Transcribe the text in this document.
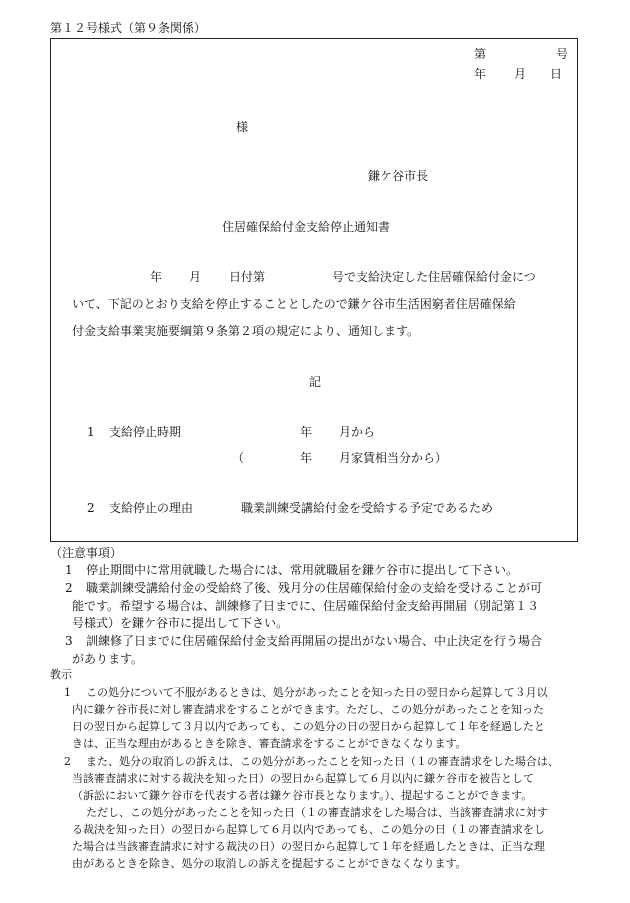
第１２号様式（第９条関係）
第	号
年 月 日
様
鎌ケ谷市長
住居確保給付金支給停止通知書
年 月 日付第	号で支給決定した住居確保給付金につ
いて、下記のとおり支給を停止することとしたので鎌ケ谷市生活困窮者住居確保給
付金支給事業実施要綱第９条第２項の規定により、通知します。
記
1 支給停止時期	年 月から
（	年 月家賃相当分から）
2 支給停止の理由	職業訓練受講給付金を受給する予定であるため
（注意事項）
1 停止期間中に常用就職した場合には、常用就職届を鎌ケ谷市に提出して下さい。
2 職業訓練受講給付金の受給終了後、残月分の住居確保給付金の支給を受けることが可
能です。希望する場合は、訓練修了日までに、住居確保給付金支給再開届（別記第１３
号様式）を鎌ケ谷市に提出して下さい。
3 訓練修了日までに住居確保給付金支給再開届の提出がない場合、中止決定を行う場合
があります。
教示
1 この処分について不服があるときは、処分があったことを知った日の翌日から起算して３月以
内に鎌ケ谷市長に対し審査請求をすることができます。ただし、この処分があったことを知った
日の翌日から起算して３月以内であっても、この処分の日の翌日から起算して１年を経過したと
きは、正当な理由があるときを除き、審査請求をすることができなくなります。
2 また、処分の取消しの訴えは、この処分があったことを知った日（１の審査請求をした場合は、
当該審査請求に対する裁決を知った日）の翌日から起算して６月以内に鎌ケ谷市を被告として
（訴訟において鎌ケ谷市を代表する者は鎌ケ谷市長となります。）、提起することができます。
ただし、この処分があったことを知った日（１の審査請求をした場合は、当該審査請求に対す
る裁決を知った日）の翌日から起算して６月以内であっても、この処分の日（１の審査請求をし
た場合は当該審査請求に対する裁決の日）の翌日から起算して１年を経過したときは、正当な理
由があるときを除き、処分の取消しの訴えを提起することができなくなります。
